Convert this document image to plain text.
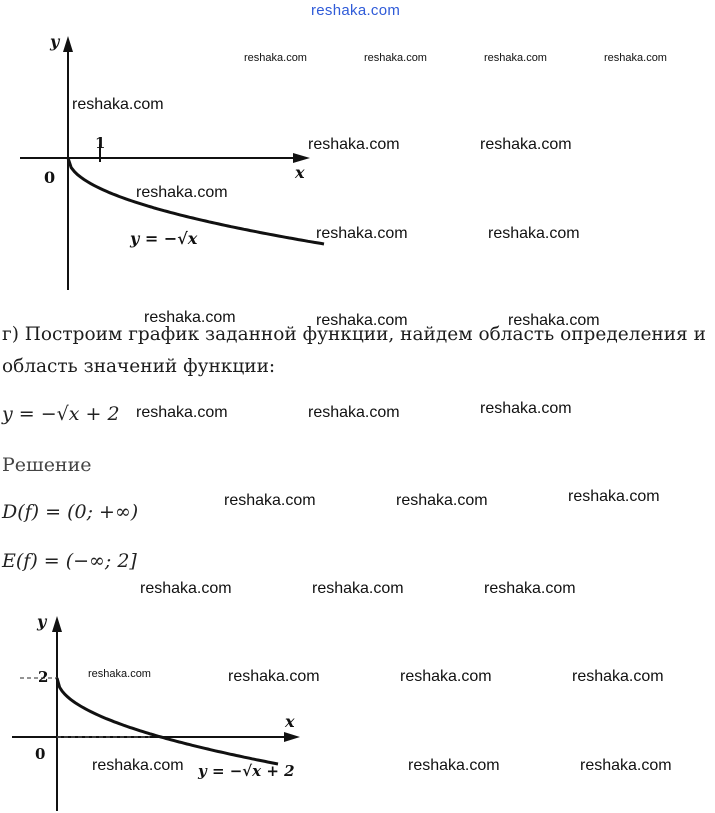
reshaka.com
y
x
0
1
y = −√x
reshaka.com	reshaka.com	reshaka.com	reshaka.com
reshaka.com
reshaka.com	reshaka.com
reshaka.com
reshaka.com	reshaka.com
reshaka.com	reshaka.com	reshaka.com
г) Построим график заданной функции, найдем область определения и
область значений функции:
y = −√x + 2 reshaka.com	reshaka.com	reshaka.com
Решение
D(f) = (0; +∞)
reshaka.com	reshaka.com	reshaka.com
E(f) = (−∞; 2]
reshaka.com	reshaka.com	reshaka.com
y
x
0
2
y = −√x + 2
reshaka.com	reshaka.com	reshaka.com	reshaka.com
reshaka.com	reshaka.com	reshaka.com
